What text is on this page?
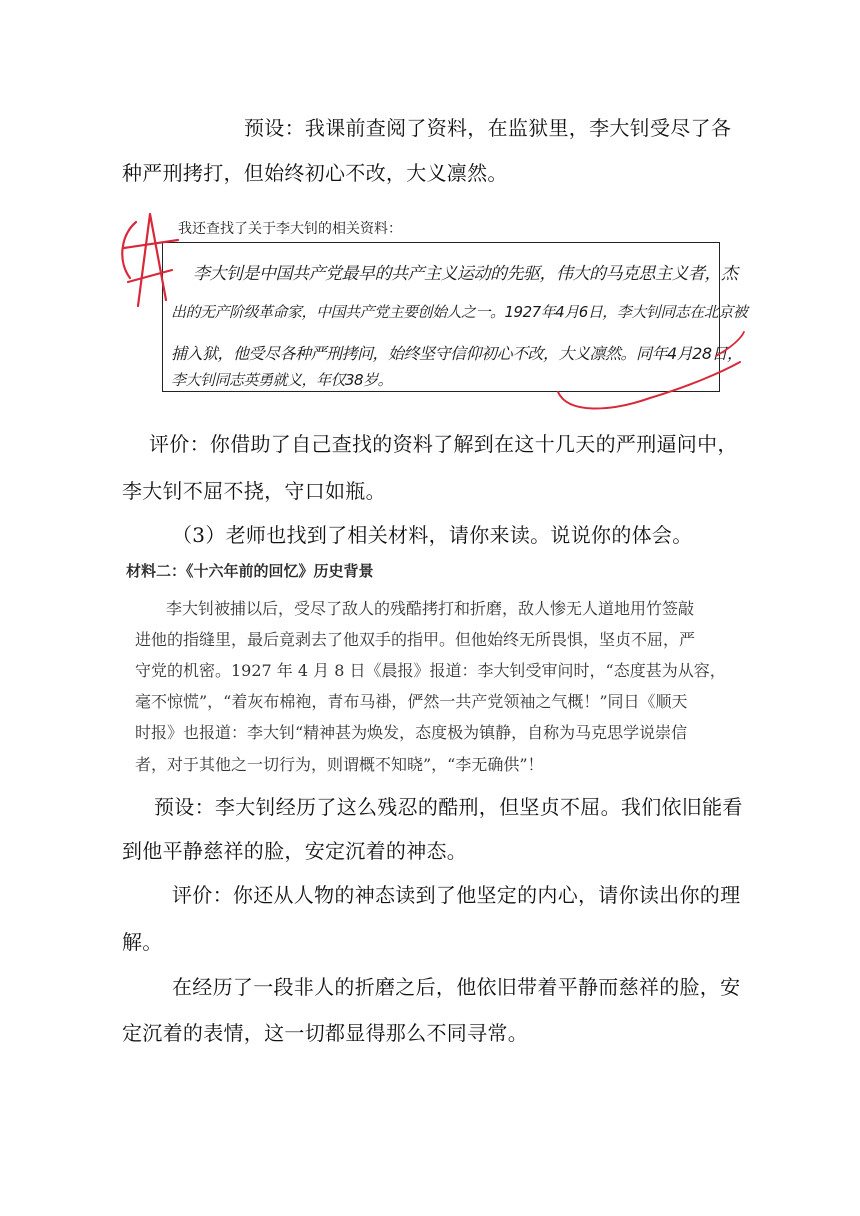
预设：我课前查阅了资料，在监狱里，李大钊受尽了各
种严刑拷打，但始终初心不改，大义凛然。
我还查找了关于李大钊的相关资料：
李大钊是中国共产党最早的共产主义运动的先驱，伟大的马克思主义者，杰
出的无产阶级革命家，中国共产党主要创始人之一。1927年4月6日，李大钊同志在北京被
捕入狱，他受尽各种严刑拷问，始终坚守信仰初心不改，大义凛然。同年4月28日，
李大钊同志英勇就义，年仅38岁。
评价：你借助了自己查找的资料了解到在这十几天的严刑逼问中，
李大钊不屈不挠，守口如瓶。
（3）老师也找到了相关材料，请你来读。说说你的体会。
材料二：《十六年前的回忆》历史背景
李大钊被捕以后，受尽了敌人的残酷拷打和折磨，敌人惨无人道地用竹签敲
进他的指缝里，最后竟剥去了他双手的指甲。但他始终无所畏惧，坚贞不屈，严
守党的机密。1927 年 4 月 8 日《晨报》报道：李大钊受审问时，“态度甚为从容，
毫不惊慌”，“着灰布棉袍，青布马褂，俨然一共产党领袖之气概！”同日《顺天
时报》也报道：李大钊“精神甚为焕发，态度极为镇静，自称为马克思学说崇信
者，对于其他之一切行为，则谓概不知晓”，“李无确供”！
预设：李大钊经历了这么残忍的酷刑，但坚贞不屈。我们依旧能看
到他平静慈祥的脸，安定沉着的神态。
评价：你还从人物的神态读到了他坚定的内心，请你读出你的理
解。
在经历了一段非人的折磨之后，他依旧带着平静而慈祥的脸，安
定沉着的表情，这一切都显得那么不同寻常。
